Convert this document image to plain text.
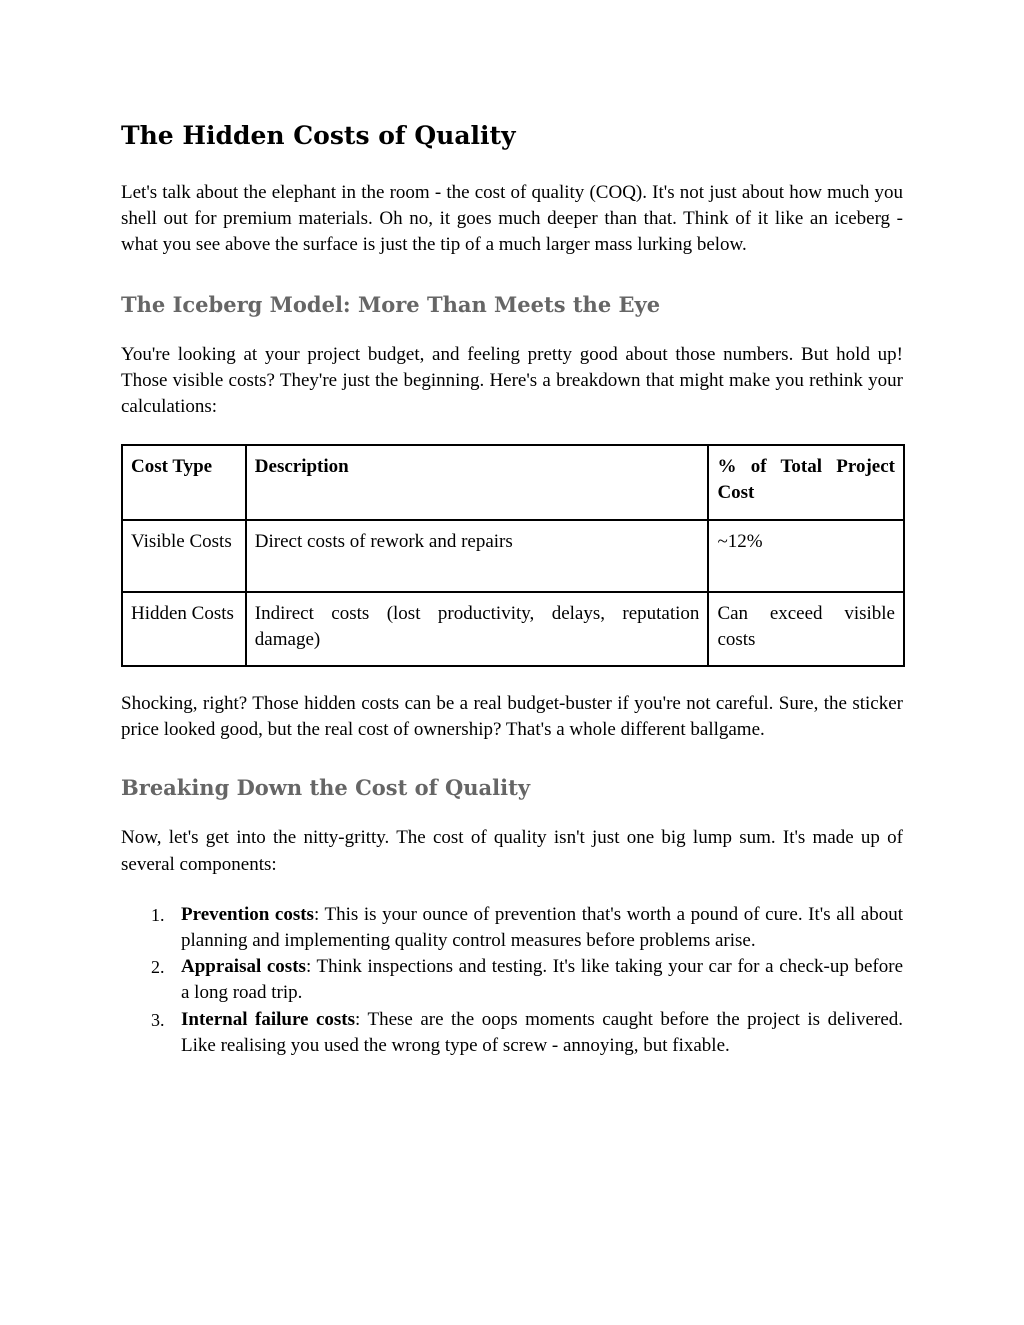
The Hidden Costs of Quality

Let's talk about the elephant in the room - the cost of quality (COQ). It's not just about how much you shell out for premium materials. Oh no, it goes much deeper than that. Think of it like an iceberg - what you see above the surface is just the tip of a much larger mass lurking below.

The Iceberg Model: More Than Meets the Eye

You're looking at your project budget, and feeling pretty good about those numbers. But hold up! Those visible costs? They're just the beginning. Here's a breakdown that might make you rethink your calculations:

Cost Type	Description	% of Total Project Cost
Visible Costs	Direct costs of rework and repairs	~12%
Hidden Costs	Indirect costs (lost productivity, delays, reputation damage)	Can exceed visible costs

Shocking, right? Those hidden costs can be a real budget-buster if you're not careful. Sure, the sticker price looked good, but the real cost of ownership? That's a whole different ballgame.

Breaking Down the Cost of Quality

Now, let's get into the nitty-gritty. The cost of quality isn't just one big lump sum. It's made up of several components:

1. Prevention costs: This is your ounce of prevention that's worth a pound of cure. It's all about planning and implementing quality control measures before problems arise.
2. Appraisal costs: Think inspections and testing. It's like taking your car for a check-up before a long road trip.
3. Internal failure costs: These are the oops moments caught before the project is delivered. Like realising you used the wrong type of screw - annoying, but fixable.
